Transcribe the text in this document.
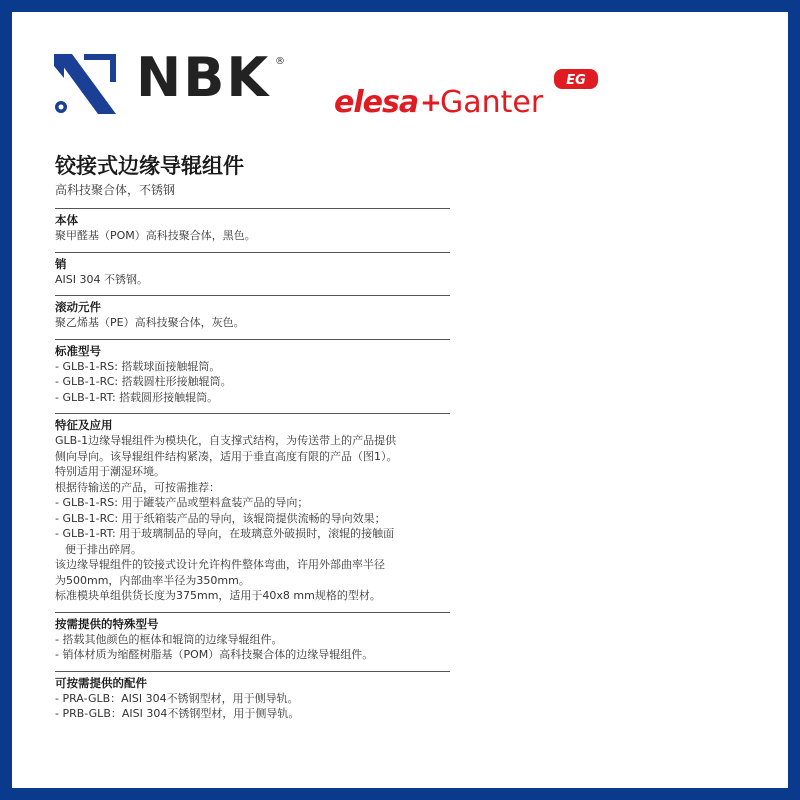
NBK ®
elesa +
Ganter
EG
铰接式边缘导辊组件

高科技聚合体，不锈钢

本体
聚甲醛基（POM）高科技聚合体，黑色。
销
AISI 304 不锈钢。
滚动元件
聚乙烯基（PE）高科技聚合体，灰色。
标准型号
- GLB-1-RS: 搭载球面接触辊筒。
- GLB-1-RC: 搭载圆柱形接触辊筒。
- GLB-1-RT: 搭载圆形接触辊筒。
特征及应用
GLB-1边缘导辊组件为模块化，自支撑式结构，为传送带上的产品提供
侧向导向。该导辊组件结构紧凑，适用于垂直高度有限的产品（图1）。
特别适用于潮湿环境。
根据待输送的产品，可按需推荐：
- GLB-1-RS: 用于罐装产品或塑料盒装产品的导向；
- GLB-1-RC: 用于纸箱装产品的导向，该辊筒提供流畅的导向效果；
- GLB-1-RT: 用于玻璃制品的导向，在玻璃意外破损时，滚辊的接触面
便于排出碎屑。
该边缘导辊组件的铰接式设计允许构件整体弯曲，许用外部曲率半径
为500mm，内部曲率半径为350mm。
标准模块单组供货长度为375mm，适用于40x8 mm规格的型材。
按需提供的特殊型号
- 搭载其他颜色的框体和辊筒的边缘导辊组件。
- 销体材质为缩醛树脂基（POM）高科技聚合体的边缘导辊组件。
可按需提供的配件
- PRA-GLB：AISI 304不锈钢型材，用于侧导轨。
- PRB-GLB：AISI 304不锈钢型材，用于侧导轨。
